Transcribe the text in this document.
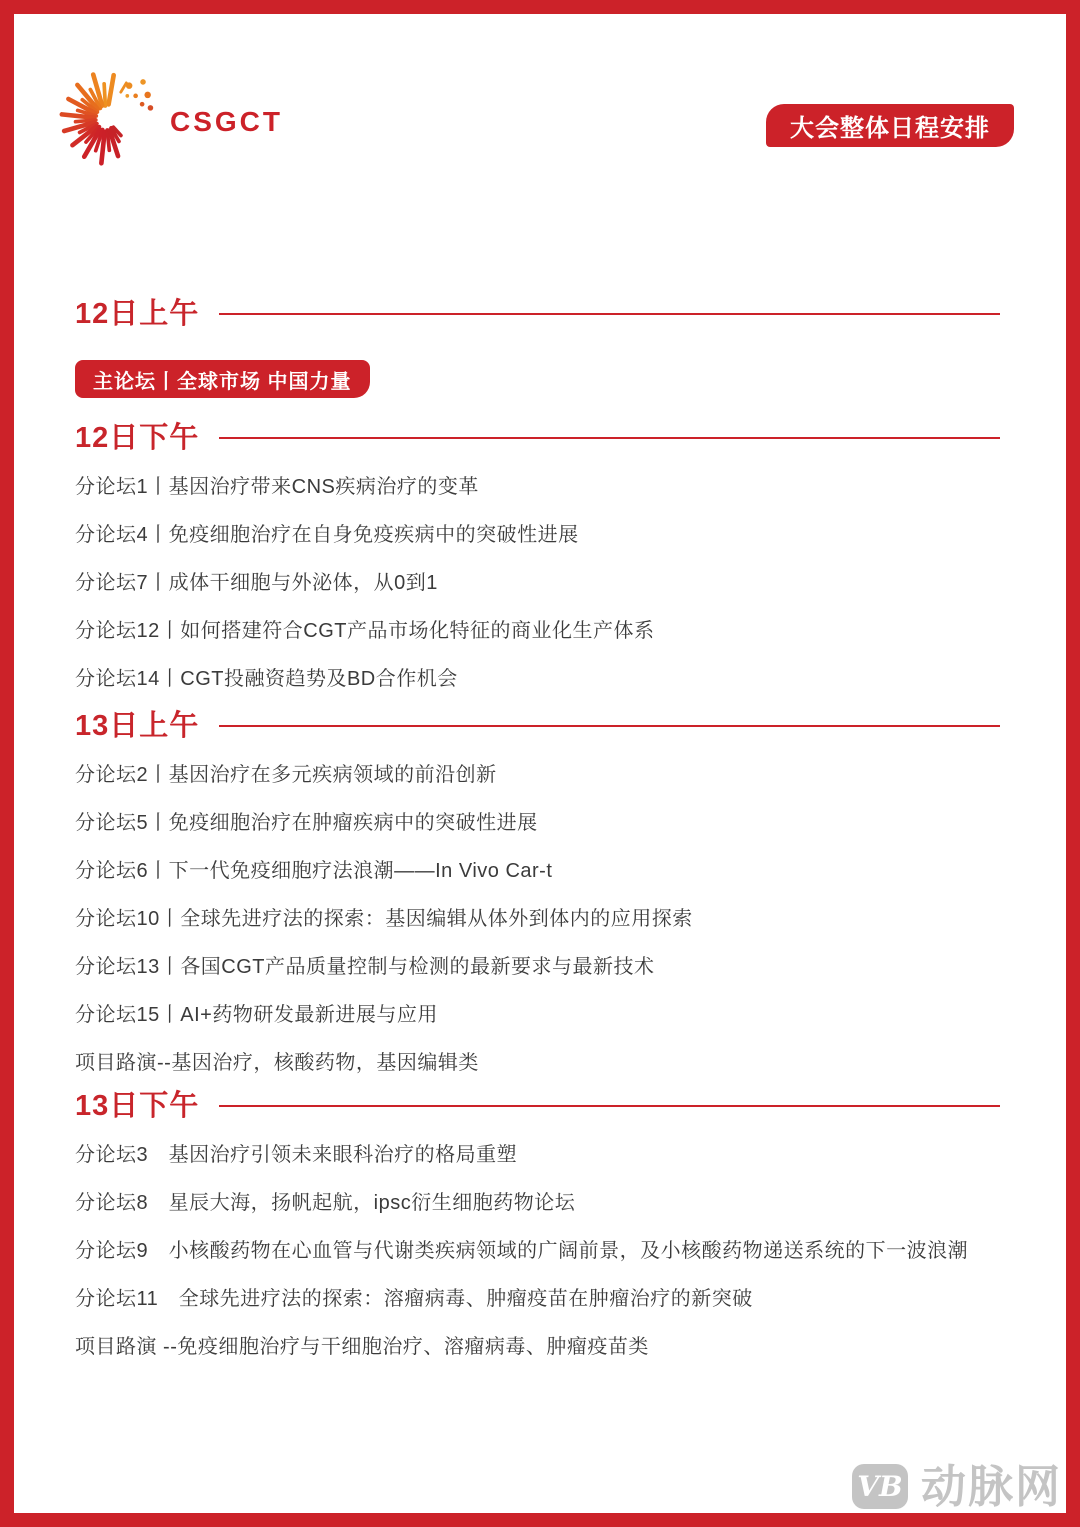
CSGCT	大会整体日程安排
12日上午
主论坛丨全球市场 中国力量
12日下午
分论坛1丨基因治疗带来CNS疾病治疗的变革
分论坛4丨免疫细胞治疗在自身免疫疾病中的突破性进展
分论坛7丨成体干细胞与外泌体，从0到1
分论坛12丨如何搭建符合CGT产品市场化特征的商业化生产体系
分论坛14丨CGT投融资趋势及BD合作机会
13日上午
分论坛2丨基因治疗在多元疾病领域的前沿创新
分论坛5丨免疫细胞治疗在肿瘤疾病中的突破性进展
分论坛6丨下一代免疫细胞疗法浪潮——In Vivo Car-t
分论坛10丨全球先进疗法的探索：基因编辑从体外到体内的应用探索
分论坛13丨各国CGT产品质量控制与检测的最新要求与最新技术
分论坛15丨AI+药物研发最新进展与应用
项目路演--基因治疗，核酸药物，基因编辑类
13日下午
分论坛3　基因治疗引领未来眼科治疗的格局重塑
分论坛8　星辰大海，扬帆起航，ipsc衍生细胞药物论坛
分论坛9　小核酸药物在心血管与代谢类疾病领域的广阔前景，及小核酸药物递送系统的下一波浪潮
分论坛11　全球先进疗法的探索：溶瘤病毒、肿瘤疫苗在肿瘤治疗的新突破
项目路演 --免疫细胞治疗与干细胞治疗、溶瘤病毒、肿瘤疫苗类
VB 动脉网
